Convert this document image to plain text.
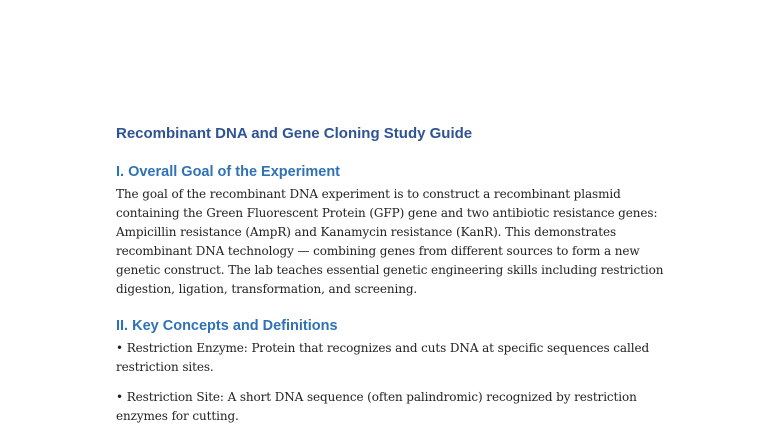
Recombinant DNA and Gene Cloning Study Guide
I. Overall Goal of the Experiment

The goal of the recombinant DNA experiment is to construct a recombinant plasmid containing the Green Fluorescent Protein (GFP) gene and two antibiotic resistance genes: Ampicillin resistance (AmpR) and Kanamycin resistance (KanR). This demonstrates recombinant DNA technology — combining genes from different sources to form a new genetic construct. The lab teaches essential genetic engineering skills including restriction digestion, ligation, transformation, and screening.

II. Key Concepts and Definitions

• Restriction Enzyme: Protein that recognizes and cuts DNA at specific sequences called restriction sites.

• Restriction Site: A short DNA sequence (often palindromic) recognized by restriction enzymes for cutting.
